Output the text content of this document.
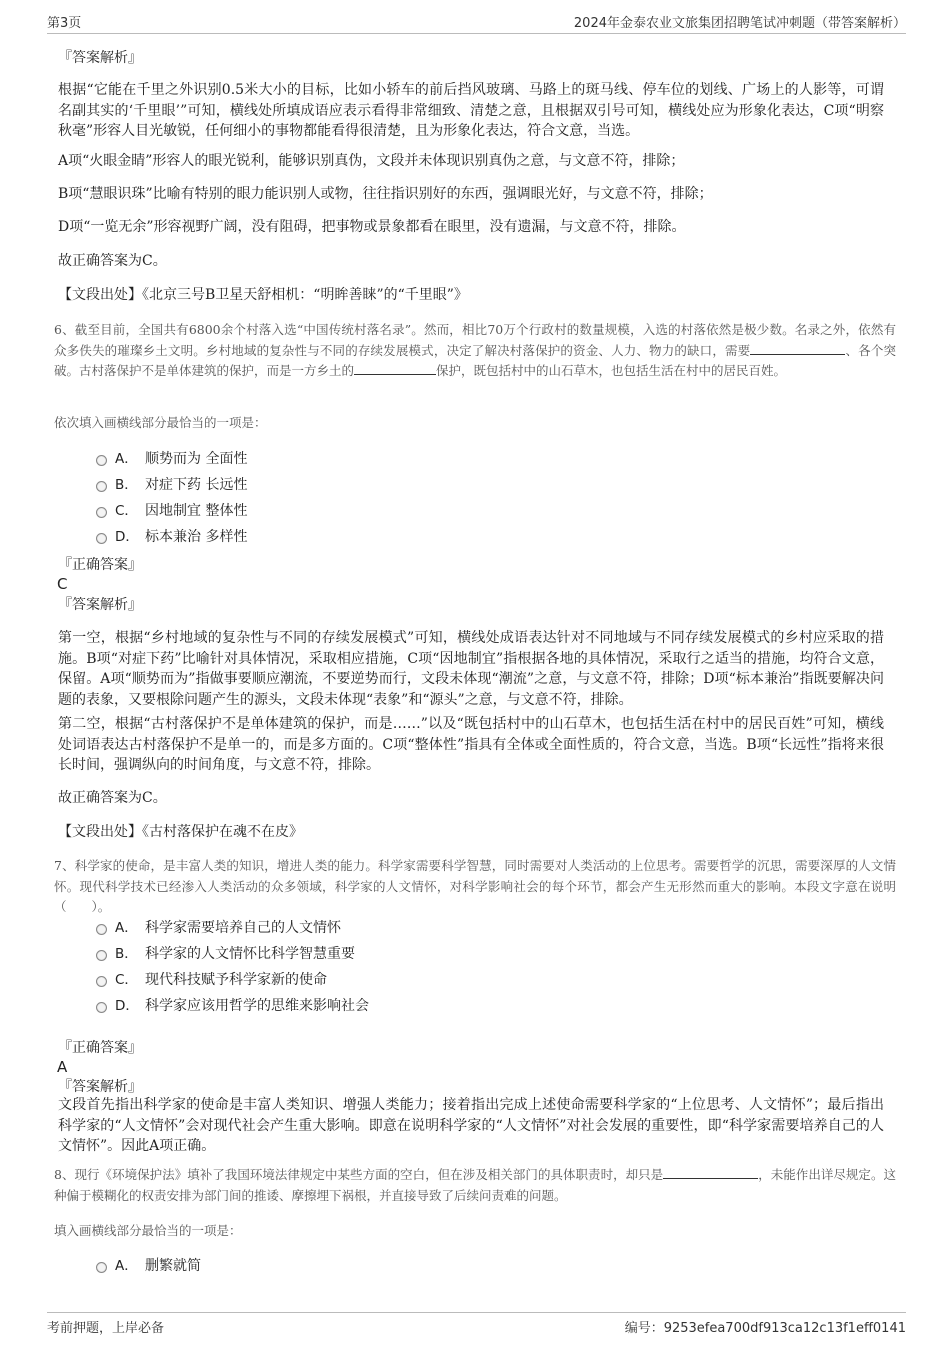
第3页	2024年金泰农业文旅集团招聘笔试冲刺题（带答案解析）
『答案解析』
根据“它能在千里之外识别0.5米大小的目标，比如小轿车的前后挡风玻璃、马路上的斑马线、停车位的划线、广场上的人影等，可谓名副其实的‘千里眼’”可知，横线处所填成语应表示看得非常细致、清楚之意，且根据双引号可知，横线处应为形象化表达，C项“明察秋毫”形容人目光敏锐，任何细小的事物都能看得很清楚，且为形象化表达，符合文意，当选。
A项“火眼金睛”形容人的眼光锐利，能够识别真伪，文段并未体现识别真伪之意，与文意不符，排除；
B项“慧眼识珠”比喻有特别的眼力能识别人或物，往往指识别好的东西，强调眼光好，与文意不符，排除；
D项“一览无余”形容视野广阔，没有阻碍，把事物或景象都看在眼里，没有遗漏，与文意不符，排除。
故正确答案为C。
【文段出处】《北京三号B卫星天舒相机：“明眸善睐”的“千里眼”》
6、截至目前，全国共有6800余个村落入选“中国传统村落名录”。然而，相比70万个行政村的数量规模，入选的村落依然是极少数。名录之外，依然有众多佚失的璀璨乡土文明。乡村地域的复杂性与不同的存续发展模式，决定了解决村落保护的资金、人力、物力的缺口，需要	、各个突破。古村落保护不是单体建筑的保护，而是一方乡土的	保护，既包括村中的山石草木，也包括生活在村中的居民百姓。
依次填入画横线部分最恰当的一项是：
A． 顺势而为 全面性
B． 对症下药 长远性
C． 因地制宜 整体性
D． 标本兼治 多样性
『正确答案』
C
『答案解析』
第一空，根据“乡村地域的复杂性与不同的存续发展模式”可知，横线处成语表达针对不同地域与不同存续发展模式的乡村应采取的措施。B项“对症下药”比喻针对具体情况，采取相应措施，C项“因地制宜”指根据各地的具体情况，采取行之适当的措施，均符合文意，保留。A项“顺势而为”指做事要顺应潮流，不要逆势而行，文段未体现“潮流”之意，与文意不符，排除；D项“标本兼治”指既要解决问题的表象，又要根除问题产生的源头，文段未体现“表象”和“源头”之意，与文意不符，排除。
第二空，根据“古村落保护不是单体建筑的保护，而是……”以及“既包括村中的山石草木，也包括生活在村中的居民百姓”可知，横线处词语表达古村落保护不是单一的，而是多方面的。C项“整体性”指具有全体或全面性质的，符合文意，当选。B项“长远性”指将来很长时间，强调纵向的时间角度，与文意不符，排除。
故正确答案为C。
【文段出处】《古村落保护在魂不在皮》
7、科学家的使命，是丰富人类的知识，增进人类的能力。科学家需要科学智慧，同时需要对人类活动的上位思考。需要哲学的沉思，需要深厚的人文情怀。现代科学技术已经渗入人类活动的众多领域，科学家的人文情怀，对科学影响社会的每个环节，都会产生无形然而重大的影响。本段文字意在说明（　　）。
A． 科学家需要培养自己的人文情怀
B． 科学家的人文情怀比科学智慧重要
C． 现代科技赋予科学家新的使命
D． 科学家应该用哲学的思维来影响社会
『正确答案』
A
『答案解析』
文段首先指出科学家的使命是丰富人类知识、增强人类能力；接着指出完成上述使命需要科学家的“上位思考、人文情怀”；最后指出科学家的“人文情怀”会对现代社会产生重大影响。即意在说明科学家的“人文情怀”对社会发展的重要性，即“科学家需要培养自己的人文情怀”。因此A项正确。
8、现行《环境保护法》填补了我国环境法律规定中某些方面的空白，但在涉及相关部门的具体职责时，却只是	，未能作出详尽规定。这种偏于模糊化的权责安排为部门间的推诿、摩擦埋下祸根，并直接导致了后续问责难的问题。
填入画横线部分最恰当的一项是：
A． 删繁就简
考前押题，上岸必备	编号：9253efea700df913ca12c13f1eff0141
